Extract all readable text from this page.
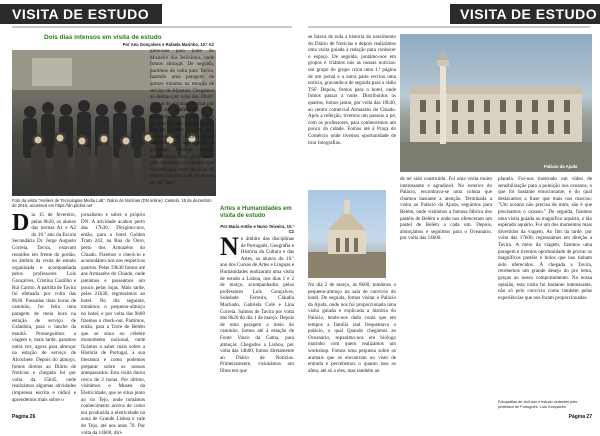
VISITA DE ESTUDO
Dois dias intensos em visita de estudo
Por Ana Gonçalves e Rafaela Marinho, 10.º A2
Foto da visita "Ateliers de Tecnologias Media Lab", Diário de Notícias (DN online): Castelo, 15 de dezembro de 2015, accessed em https://dn.pt/dnd.net
D ia 15 de fevereiro, pelas 8h20, os alunos das turmas A1 e A2 do 10.º ano da Escola Secundária Dr. Jorge Augusto Correia, Tavira, estavam reunidos em frente do portão, no âmbito da visita de estudo organizada e acompanhada pelos professores Luís Gonçalves, Cristina Castilho e Rui Carmo. A partida de Tavira foi efetuada por volta das 8h30. Passadas duas horas de caminho, foi feita uma paragem de meia hora na estação de serviço de Grândola, para o lanche da manhã. Prosseguimos a viagem e, mais tarde, paramos outra vez, agora para almoçar na estação de serviço de Alcochete. Depois do almoço, fomos diretos ao Diário de Notícias e chegada foi por volta da 15h45, onde realizámos algumas atividades (imprensa escrita e rádio) e aprendemos mais sobre o
jornalismo e sobre o próprio DN. A atividade acabou perto das 17h30. Dirigimo-nos, então, para o hotel Golden Tram 242, na Rua do Ouro, perto dos Armazéns do Chiado. Fizemos o check-in e acomodámo-nos nos respetivos quartos. Pelas 19h30 fomos até aos Armazéns do Chiado, onde jantámos e passeámos um pouco pelas lojas. Mais tarde, pelas 21h30, regressámos ao hotel. No dia seguinte, tomámos o pequeno-almoço no hotel, e por volta das 9h00 fizemos o check-out. Partimos, então, para a Torre de Belém que se situa no célebre monumento nacional, onde ficámos a saber mais sobre a História de Portugal, a sua literatura e como podemos preparar sobre os nossos antepassados. Esta visita durou cerca de 2 horas. Por último, visitámos o Museu da Eletricidade, que se situa junto ao rio Tejo, onde tomámos conhecimento acerca de como era produzida a eletricidade na zona de Grande Lisboa e vale do Tejo, até aos anos 70. Por volta da 14h00, diri-
gimo-nos para junto do Mosteiro dos Jerónimos, onde fomos almoçar. De seguida, partimos de volta para Tavira, fazendo uma paragem de quinze minutos na estação de serviço de Aljustrel. Chegámos ao destino por volta das 19h30. Apesar de algumas queixas por parte dos professores e do motorista do autocarro, acerca do barulho que alguns alunos fizeram durante a noite, não sabemos esta visita bastante produtiva e interessante e gostámos bastante. Assim, agradecemos aos professores pela paciência e carinho que tiveram para fazer tal visita de estudo com cerca de 50 alunos do 10.º ano.
Artes e Humanidades em visita de estudo
Por Maria Antão e Nuno Teixeira, 10.º C2
N o âmbito das disciplinas de Português, Geografia e História da Cultura e das Artes, os alunos do 10.º ano dos Cursos de Artes e Línguas e Humanidades realizaram uma visita de estudo a Lisboa, nos dias 1 e 2 de março, acompanhados pelos professores Luís Gonçalves, Soledade Ferreira, Cláudia Machado, Gabriela Colé e Lina Correia. Saímos de Tavira por volta das 8h20 do dia 1 de março. Depois de uma paragem a meio do caminho, fomos até à estação de Fonte Vasco da Gama, para almoçar. Chegados a Lisboa, por volta das 14h00, fomos diretamente ao Diário de Notícias. Primeiramente, visionámos um filme em que
Página 26
VISITA DE ESTUDO
se falava de toda a história do nascimento do Diário de Notícias e depois realizámos uma visita guiada à redação para conhecer o espaço. De seguida, juntámo-nos em grupos e criámos nós as nossas notícias: um grupo do grupo criou uma 1.ª página de um jornal e a outra parte recriou uma notícia, gravando-a de seguida para a rádio TSF. Depois, fomos para o hotel, onde fomos passar a noite. Distribuídos os quartos, fomos jantar, por volta das 19h30, ao centro comercial Armazéns do Chiado. Após a refeição, tivemos um passeio a pé, com os professores, para conhecermos um pouco da cidade. Fomos até à Praça do Comércio onde tivemos oportunidade de tirar fotografias.
Palácio da Ajuda
No dia 2 de março, às 8h00, tomámos o pequeno-almoço na sala de convívio do hotel. De seguida, fomos visitar o Palácio da Ajuda, onde nos foi proporcionada uma visita guiada e explicada a história do Palácio, tendo-nos dado conta que em tempos a família real frequentava o palácio, o qual Quando chegámos ao Oceanário, separámo-nos em biólogo marinho com quem realizámos um workshop. Fomos uma pequena sobre os animais que se encontram no visto de entrada e percebemos o quanto isso os afeta, até só a eles, mas também ao
de ter sido construído. Foi uma visita muito interessante e agradável. No exterior do Palácio, encontrava-se uma coluna que chamou bastante a atenção. Terminada a visita ao Palácio da Ajuda, seguimos para Belém, onde visitámos a famosa fábrica dos pastéis de Belém e onde nos ofereceram um pastel de Belém a cada um. Depois, almoçámos e seguimos para o Oceanário, por volta das 14h00.
planeta. Foi-nos mostrado um vídeo de sensibilização para a poluição nos oceanos, o que foi bastante emocionante, e do qual destacamos a frase que mais nos marcou: "Um oceano não precisa de mim; são é que precisamos o oceano." De seguida, fizemos uma visita guiada ao magnífico aquário, o tão esperado aquário. Foi um dos momentos mais divertidos da viagem. Ao fim da tarde, por volta das 17h00, regressámos em direção a Tavira. A meio da viagem, fizemos uma paragem e tivemos oportunidade de provar os magníficos pastéis e bolos que nos tinham sido oferecidos. À chegada a Tavira, recebemos um grande desejo do pro lema, graças ao nosso comportamento. Na nossa opinião, esta visita foi bastante interessante, não só pelo convívio como também pelas experiências que nos foram proporcionadas.
Fotografias de visit aos e estudo cedentes pelo professor de Português, Luís Gonçalves
Página 27
